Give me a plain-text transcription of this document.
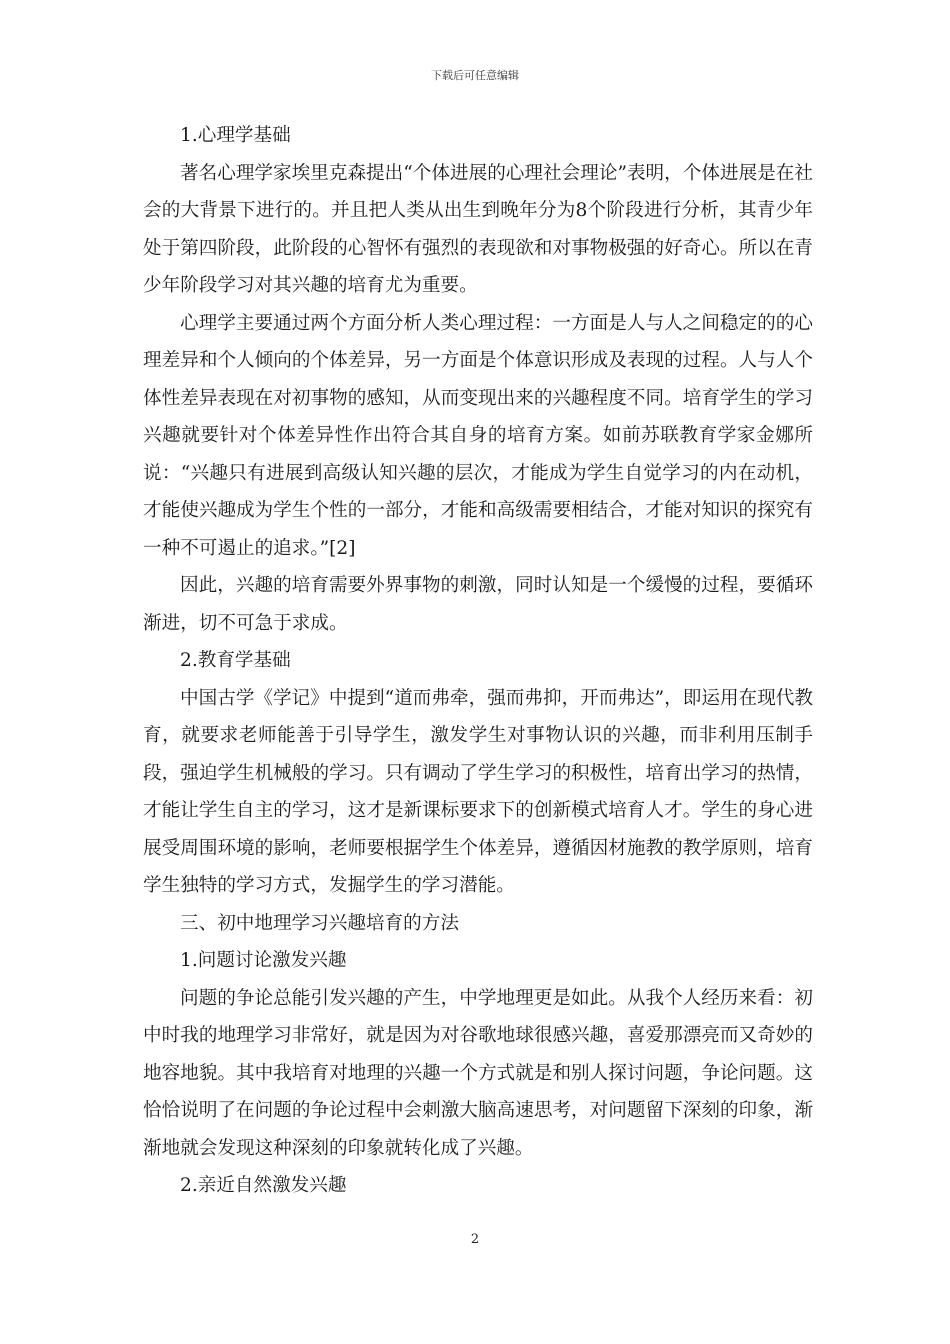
下载后可任意编辑

1.心理学基础

著名心理学家埃里克森提出“个体进展的心理社会理论”表明，个体进展是在社会的大背景下进行的。并且把人类从出生到晚年分为8个阶段进行分析，其青少年处于第四阶段，此阶段的心智怀有强烈的表现欲和对事物极强的好奇心。所以在青少年阶段学习对其兴趣的培育尤为重要。

心理学主要通过两个方面分析人类心理过程：一方面是人与人之间稳定的的心理差异和个人倾向的个体差异，另一方面是个体意识形成及表现的过程。人与人个体性差异表现在对初事物的感知，从而变现出来的兴趣程度不同。培育学生的学习兴趣就要针对个体差异性作出符合其自身的培育方案。如前苏联教育学家金娜所说：“兴趣只有进展到高级认知兴趣的层次，才能成为学生自觉学习的内在动机，才能使兴趣成为学生个性的一部分，才能和高级需要相结合，才能对知识的探究有一种不可遏止的追求。”[2]

因此，兴趣的培育需要外界事物的刺激，同时认知是一个缓慢的过程，要循环渐进，切不可急于求成。

2.教育学基础

中国古学《学记》中提到“道而弗牵，强而弗抑，开而弗达”，即运用在现代教育，就要求老师能善于引导学生，激发学生对事物认识的兴趣，而非利用压制手段，强迫学生机械般的学习。只有调动了学生学习的积极性，培育出学习的热情，才能让学生自主的学习，这才是新课标要求下的创新模式培育人才。学生的身心进展受周围环境的影响，老师要根据学生个体差异，遵循因材施教的教学原则，培育学生独特的学习方式，发掘学生的学习潜能。

三、初中地理学习兴趣培育的方法

1.问题讨论激发兴趣

问题的争论总能引发兴趣的产生，中学地理更是如此。从我个人经历来看：初中时我的地理学习非常好，就是因为对谷歌地球很感兴趣，喜爱那漂亮而又奇妙的地容地貌。其中我培育对地理的兴趣一个方式就是和别人探讨问题，争论问题。这恰恰说明了在问题的争论过程中会刺激大脑高速思考，对问题留下深刻的印象，渐渐地就会发现这种深刻的印象就转化成了兴趣。

2.亲近自然激发兴趣

2
